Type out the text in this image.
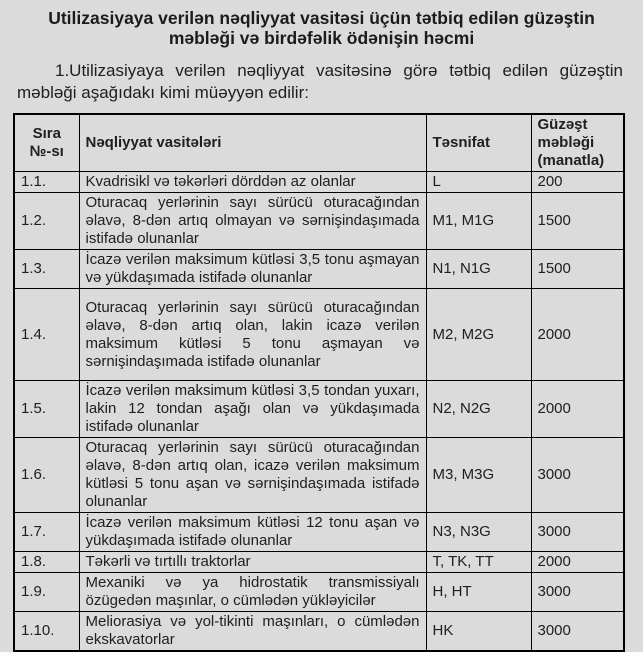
Utilizasiyaya verilən nəqliyyat vasitəsi üçün tətbiq edilən güzəştin məbləği və birdəfəlik ödənişin həcmi

1.Utilizasiyaya verilən nəqliyyat vasitəsinə görə tətbiq edilən güzəştin məbləği aşağıdakı kimi müəyyən edilir:

Sıra №-sı	Nəqliyyat vasitələri	Təsnifat	Güzəşt məbləği (manatla)
1.1.	Kvadrisikl və təkərləri dörddən az olanlar	L	200
1.2.	Oturacaq yerlərinin sayı sürücü oturacağından əlavə, 8-dən artıq olmayan və sərnişindaşımada istifadə olunanlar	M1, M1G	1500
1.3.	İcazə verilən maksimum kütləsi 3,5 tonu aşmayan və yükdaşımada istifadə olunanlar	N1, N1G	1500
1.4.	Oturacaq yerlərinin sayı sürücü oturacağından əlavə, 8-dən artıq olan, lakin icazə verilən maksimum kütləsi 5 tonu aşmayan və sərnişindaşımada istifadə olunanlar	M2, M2G	2000
1.5.	İcazə verilən maksimum kütləsi 3,5 tondan yuxarı, lakin 12 tondan aşağı olan və yükdaşımada istifadə olunanlar	N2, N2G	2000
1.6.	Oturacaq yerlərinin sayı sürücü oturacağından əlavə, 8-dən artıq olan, icazə verilən maksimum kütləsi 5 tonu aşan və sərnişindaşımada istifadə olunanlar	M3, M3G	3000
1.7.	İcazə verilən maksimum kütləsi 12 tonu aşan və yükdaşımada istifadə olunanlar	N3, N3G	3000
1.8.	Təkərli və tırtıllı traktorlar	T, TK, TT	2000
1.9.	Mexaniki və ya hidrostatik transmissiyalı özügedən maşınlar, o cümlədən yükləyicilər	H, HT	3000
1.10.	Meliorasiya və yol-tikinti maşınları, o cümlədən ekskavatorlar	HK	3000
